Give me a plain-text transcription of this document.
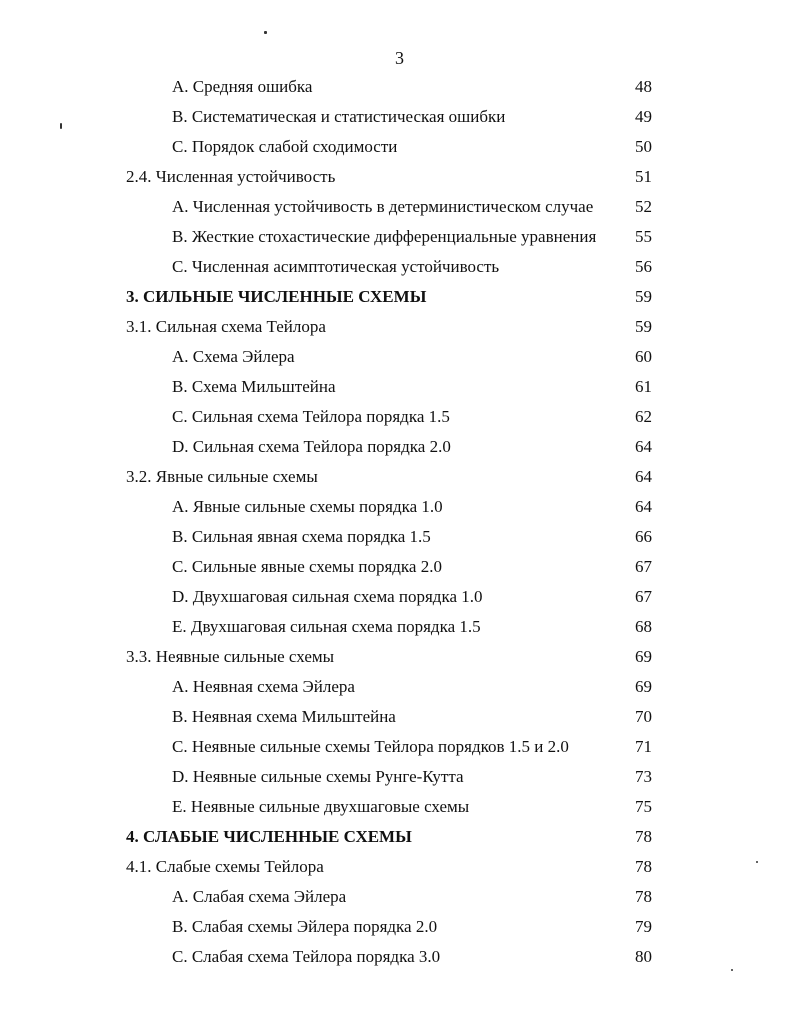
3
A. Средняя ошибка	48
B. Систематическая и статистическая ошибки	49
C. Порядок слабой сходимости	50
2.4. Численная устойчивость	51
A. Численная устойчивость в детерминистическом случае 52
B. Жесткие стохастические дифференциальные уравнения 55
C. Численная асимптотическая устойчивость	56
3. СИЛЬНЫЕ ЧИСЛЕННЫЕ СХЕМЫ	59
3.1. Сильная схема Тейлора	59
A. Схема Эйлера	60
B. Схема Мильштейна	61
C. Сильная схема Тейлора порядка 1.5	62
D. Сильная схема Тейлора порядка 2.0	64
3.2. Явные сильные схемы	64
A. Явные сильные схемы порядка 1.0	64
B. Сильная явная схема порядка 1.5	66
C. Сильные явные схемы порядка 2.0	67
D. Двухшаговая сильная схема порядка 1.0	67
E. Двухшаговая сильная схема порядка 1.5	68
3.3. Неявные сильные схемы	69
A. Неявная схема Эйлера	69
B. Неявная схема Мильштейна	70
C. Неявные сильные схемы Тейлора порядков 1.5 и 2.0	71
D. Неявные сильные схемы Рунге-Кутта	73
E. Неявные сильные двухшаговые схемы	75
4. СЛАБЫЕ ЧИСЛЕННЫЕ СХЕМЫ	78
4.1. Слабые схемы Тейлора	78
A. Слабая схема Эйлера	78
B. Слабая схемы Эйлера порядка 2.0	79
C. Слабая схема Тейлора порядка 3.0	80
